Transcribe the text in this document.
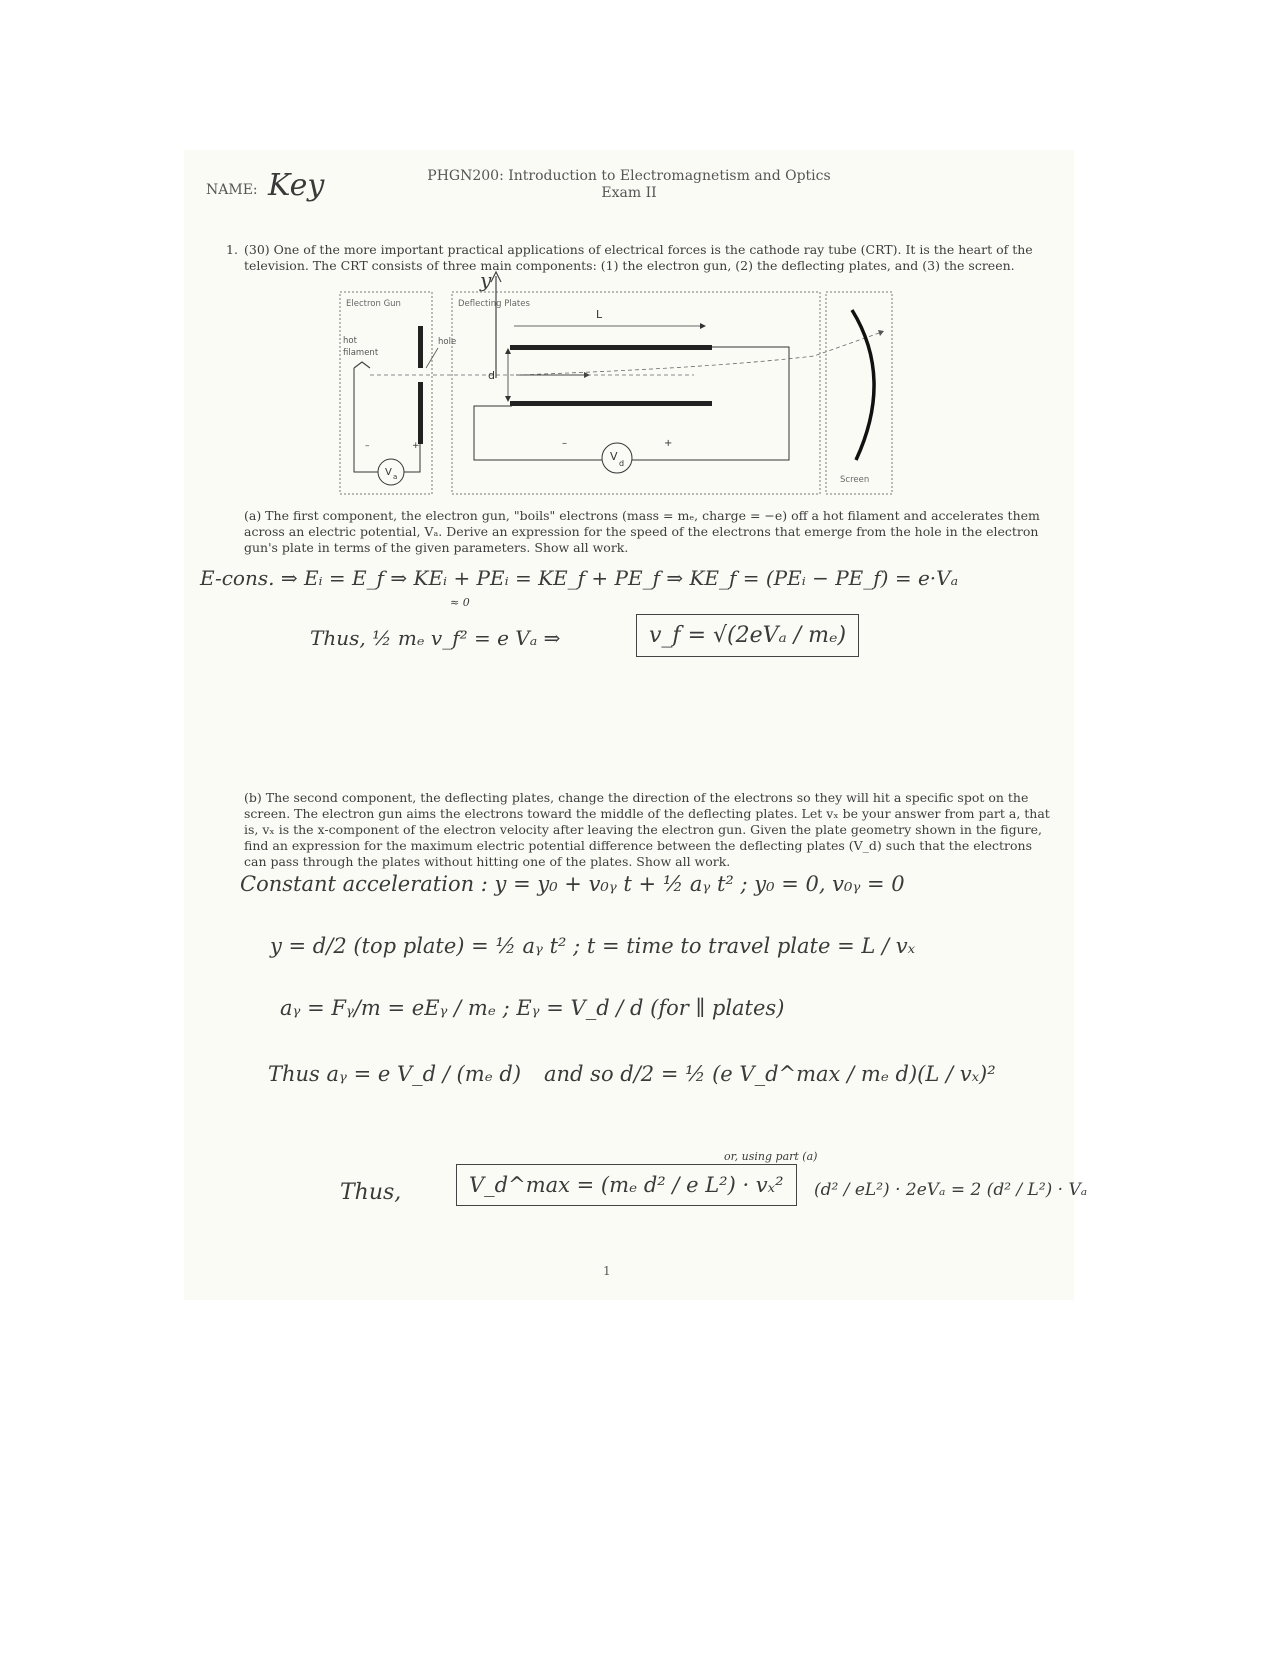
PHGN200: Introduction to Electromagnetism and Optics
Exam II
NAME: Key
1. (30) One of the more important practical applications of electrical forces is the cathode ray tube (CRT). It is the heart of the television. The CRT consists of three main components: (1) the electron gun, (2) the deflecting plates, and (3) the screen.
Electron Gun	Deflecting Plates
Screen
hot
filament
hole
V a
–	+
L
d
V
d
–	+
y
(a) The first component, the electron gun, "boils" electrons (mass = mₑ, charge = −e) off a hot filament and accelerates them across an electric potential, Vₐ. Derive an expression for the speed of the electrons that emerge from the hole in the electron gun's plate in terms of the given parameters. Show all work.
E-cons. ⇒ Eᵢ = E_f ⇒ KEᵢ + PEᵢ = KE_f + PE_f ⇒ KE_f = (PEᵢ − PE_f) = e·Vₐ
≈ 0
Thus, ½ mₑ v_f² = e Vₐ ⇒	v_f = √(2eVₐ / mₑ)
(b) The second component, the deflecting plates, change the direction of the electrons so they will hit a specific spot on the screen. The electron gun aims the electrons toward the middle of the deflecting plates. Let vₓ be your answer from part a, that is, vₓ is the x-component of the electron velocity after leaving the electron gun. Given the plate geometry shown in the figure, find an expression for the maximum electric potential difference between the deflecting plates (V_d) such that the electrons can pass through the plates without hitting one of the plates. Show all work.
Constant acceleration : y = y₀ + v₀ᵧ t + ½ aᵧ t² ; y₀ = 0, v₀ᵧ = 0
y = d/2 (top plate) = ½ aᵧ t² ; t = time to travel plate = L / vₓ
aᵧ = Fᵧ/m = eEᵧ / mₑ ; Eᵧ = V_d / d (for ∥ plates)
Thus aᵧ = e V_d / (mₑ d) and so d/2 = ½ (e V_d^max / mₑ d)(L / vₓ)²
Thus,	V_d^max = (mₑ d² / e L²) · vₓ²
or, using part (a)
(d² / eL²) · 2eVₐ = 2 (d² / L²) · Vₐ
1
